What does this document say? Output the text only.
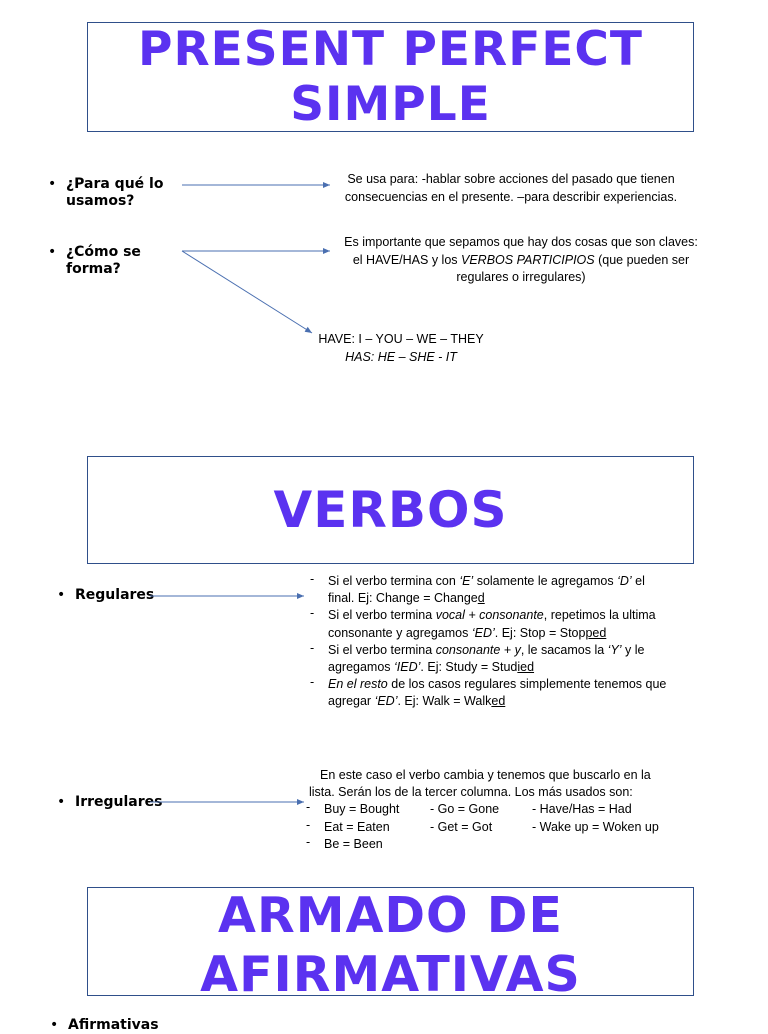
PRESENT PERFECT
SIMPLE
• ¿Para qué lo
usamos?
Se usa para: -hablar sobre acciones del pasado que tienen
consecuencias en el presente. –para describir experiencias.
• ¿Cómo se
forma?
Es importante que sepamos que hay dos cosas que son claves:
el HAVE/HAS y los VERBOS PARTICIPIOS (que pueden ser
regulares o irregulares)
HAVE: I – YOU – WE – THEY
HAS: HE – SHE - IT
VERBOS
• Regulares
- Si el verbo termina con ‘E’ solamente le agregamos ‘D’ el
final. Ej: Change = Changed
- Si el verbo termina vocal + consonante, repetimos la ultima
consonante y agregamos ‘ED’. Ej: Stop = Stopped
- Si el verbo termina consonante + y, le sacamos la ‘Y’ y le
agregamos ‘IED’. Ej: Study = Studied
- En el resto de los casos regulares simplemente tenemos que
agregar ‘ED’. Ej: Walk = Walked
• Irregulares
En este caso el verbo cambia y tenemos que buscarlo en la
lista. Serán los de la tercer columna. Los más usados son:
- Buy = Bought - Go = Gone	- Have/Has = Had
- Eat = Eaten	- Get = Got	- Wake up = Woken up
- Be = Been
ARMADO DE
AFIRMATIVAS
• Afirmativas
